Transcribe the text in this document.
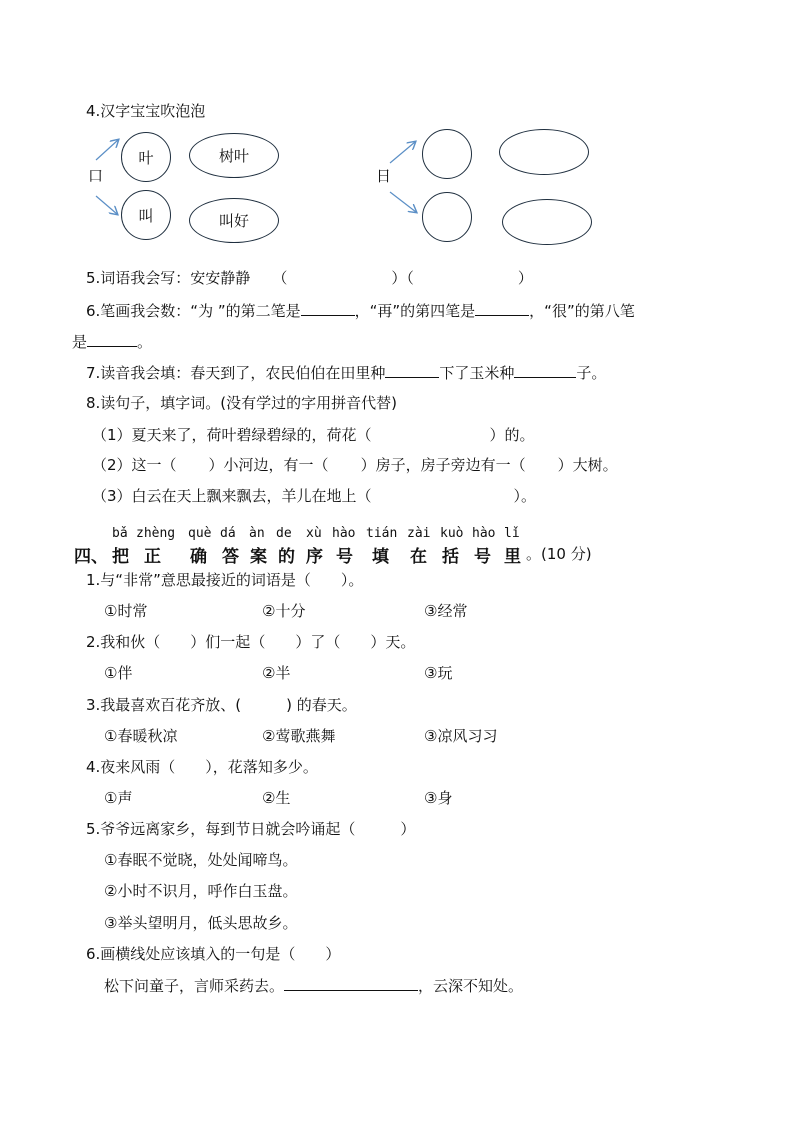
4.汉字宝宝吹泡泡
口
叶	树叶
叫	叫好
日
5.词语我会写：安安静静 （	）（	）
6.笔画我会数：“为 ”的第二笔是	，“再”的第四笔是	，“很”的第八笔
是	。
7.读音我会填：春天到了，农民伯伯在田里种	下了玉米种	子。
8.读句子，填字词。(没有学过的字用拼音代替)
（1）夏天来了，荷叶碧绿碧绿的，荷花（	）的。
（2）这一（ ）小河边，有一（ ）房子，房子旁边有一（ ）大树。
（3）白云在天上飘来飘去，羊儿在地上（	）。
bǎ zhèng què dá àn de xù hào tián zài kuò hào lǐ
四、 把 正 确 答 案 的 序 号 填 在 括 号 里 。(10 分)
1.与“非常”意思最接近的词语是（　　）。
①时常	②十分	③经常
2.我和伙（　　）们一起（　　）了（　　）天。
①伴	②半	③玩
3.我最喜欢百花齐放、(　　　) 的春天。
①春暖秋凉	②莺歌燕舞	③凉风习习
4.夜来风雨（　　），花落知多少。
①声	②生	③身
5.爷爷远离家乡，每到节日就会吟诵起（　　　）
①春眠不觉晓，处处闻啼鸟。
②小时不识月，呼作白玉盘。
③举头望明月，低头思故乡。
6.画横线处应该填入的一句是（　　）
松下问童子，言师采药去。	，云深不知处。
